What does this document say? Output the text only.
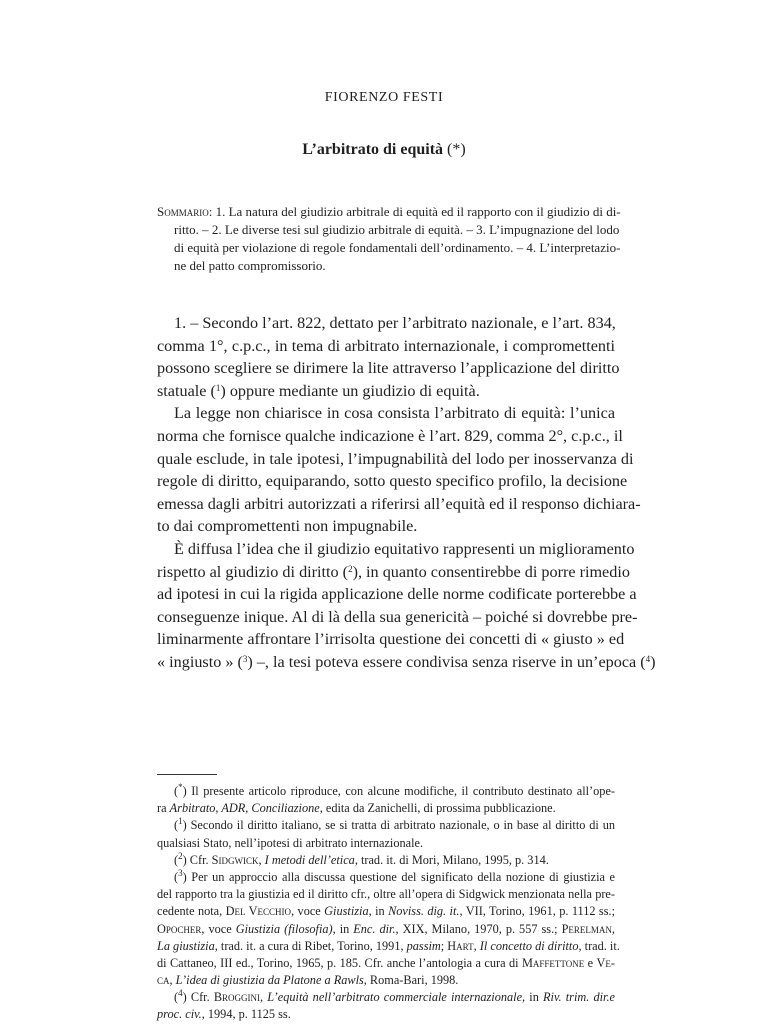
FIORENZO FESTI
L’arbitrato di equità (*)
Sommario: 1. La natura del giudizio arbitrale di equità ed il rapporto con il giudizio di di-
ritto. – 2. Le diverse tesi sul giudizio arbitrale di equità. – 3. L’impugnazione del lodo
di equità per violazione di regole fondamentali dell’ordinamento. – 4. L’interpretazio-
ne del patto compromissorio.
1. – Secondo l’art. 822, dettato per l’arbitrato nazionale, e l’art. 834,
comma 1°, c.p.c., in tema di arbitrato internazionale, i compromettenti
possono scegliere se dirimere la lite attraverso l’applicazione del diritto
statuale ($^1$) oppure mediante un giudizio di equità.
La legge non chiarisce in cosa consista l’arbitrato di equità: l’unica
norma che fornisce qualche indicazione è l’art. 829, comma 2°, c.p.c., il
quale esclude, in tale ipotesi, l’impugnabilità del lodo per inosservanza di
regole di diritto, equiparando, sotto questo specifico profilo, la decisione
emessa dagli arbitri autorizzati a riferirsi all’equità ed il responso dichiara-
to dai compromettenti non impugnabile.
È diffusa l’idea che il giudizio equitativo rappresenti un miglioramento
rispetto al giudizio di diritto ($^2$), in quanto consentirebbe di porre rimedio
ad ipotesi in cui la rigida applicazione delle norme codificate porterebbe a
conseguenze inique. Al di là della sua genericità – poiché si dovrebbe pre-
liminarmente affrontare l’irrisolta questione dei concetti di « giusto » ed
« ingiusto » ($^3$) –, la tesi poteva essere condivisa senza riserve in un’epoca ($^4$)
(*) Il presente articolo riproduce, con alcune modifiche, il contributo destinato all’ope-
ra Arbitrato, ADR, Conciliazione, edita da Zanichelli, di prossima pubblicazione.
($^1$) Secondo il diritto italiano, se si tratta di arbitrato nazionale, o in base al diritto di un
qualsiasi Stato, nell’ipotesi di arbitrato internazionale.
($^2$) Cfr. Sidgwick, I metodi dell’etica, trad. it. di Mori, Milano, 1995, p. 314.
($^3$) Per un approccio alla discussa questione del significato della nozione di giustizia e
del rapporto tra la giustizia ed il diritto cfr., oltre all’opera di Sidgwick menzionata nella pre-
cedente nota, Del Vecchio, voce Giustizia, in Noviss. dig. it., VII, Torino, 1961, p. 1112 ss.;
Opocher, voce Giustizia (filosofia), in Enc. dir., XIX, Milano, 1970, p. 557 ss.; Perelman,
La giustizia, trad. it. a cura di Ribet, Torino, 1991, passim; Hart, Il concetto di diritto, trad. it.
di Cattaneo, III ed., Torino, 1965, p. 185. Cfr. anche l’antologia a cura di Maffettone e Ve-
ca, L’idea di giustizia da Platone a Rawls, Roma-Bari, 1998.
($^4$) Cfr. Broggini, L’equità nell’arbitrato commerciale internazionale, in Riv. trim. dir.e
proc. civ., 1994, p. 1125 ss.
